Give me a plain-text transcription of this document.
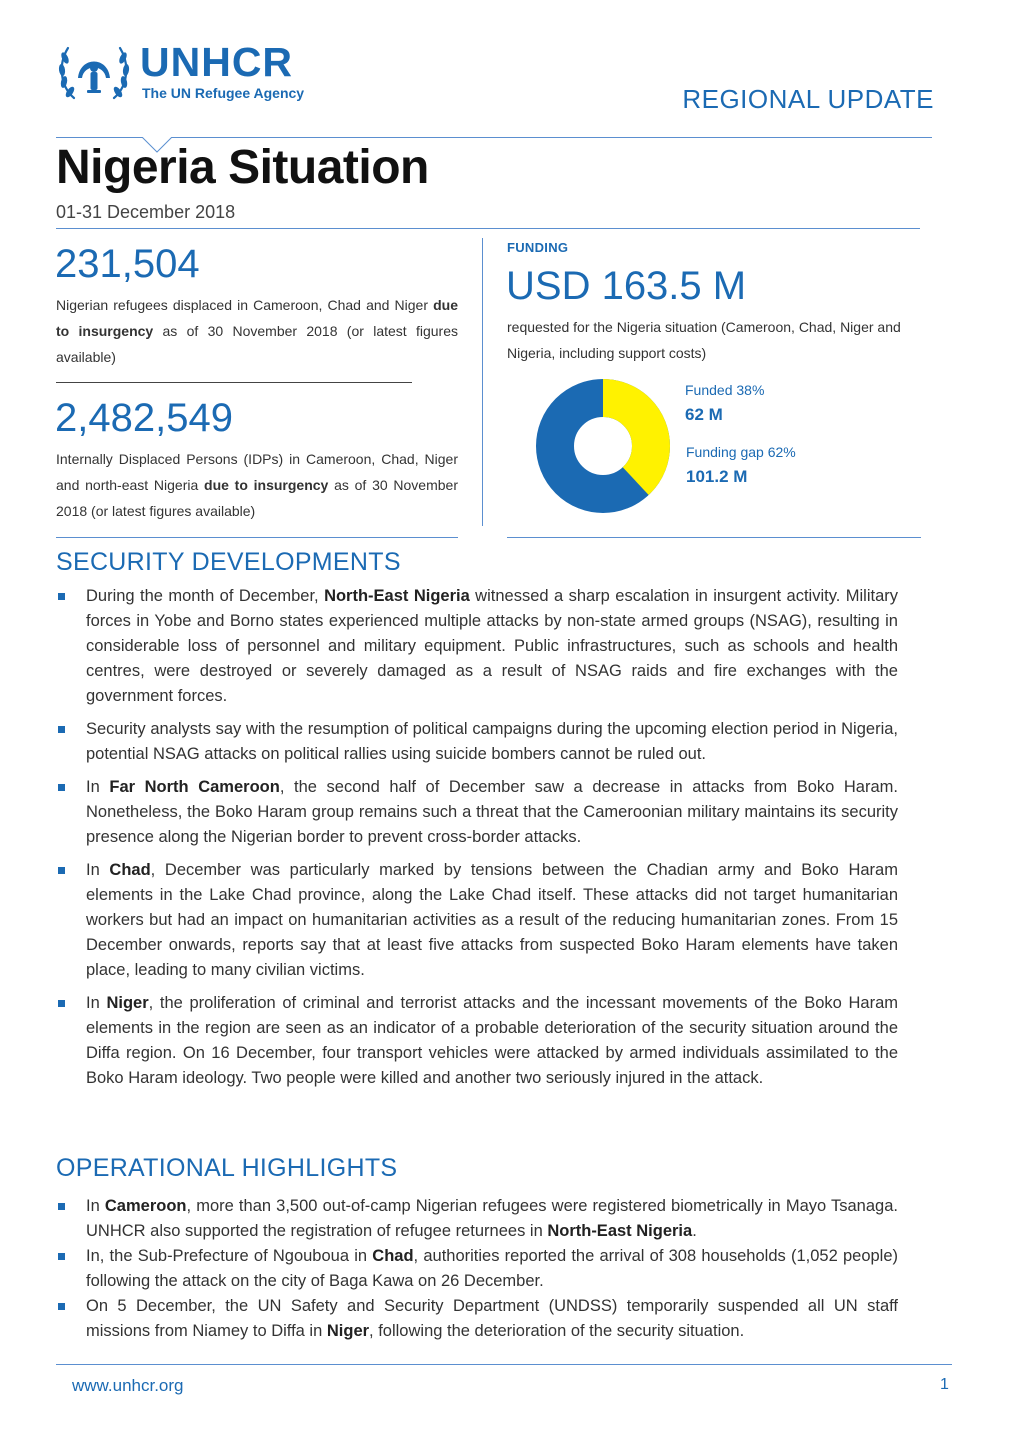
UNHCR
The UN Refugee Agency	REGIONAL UPDATE
Nigeria Situation
01-31 December 2018
231,504
Nigerian refugees displaced in Cameroon, Chad and Niger due to insurgency as of 30 November 2018 (or latest figures available)
2,482,549
Internally Displaced Persons (IDPs) in Cameroon, Chad, Niger and north-east Nigeria due to insurgency as of 30 November 2018 (or latest figures available)
FUNDING
USD 163.5 M
requested for the Nigeria situation (Cameroon, Chad, Niger and Nigeria, including support costs)
Funded 38%
62 M
Funding gap 62%
101.2 M
SECURITY DEVELOPMENTS
During the month of December, North-East Nigeria witnessed a sharp escalation in insurgent activity. Military forces in Yobe and Borno states experienced multiple attacks by non-state armed groups (NSAG), resulting in considerable loss of personnel and military equipment. Public infrastructures, such as schools and health centres, were destroyed or severely damaged as a result of NSAG raids and fire exchanges with the government forces.
Security analysts say with the resumption of political campaigns during the upcoming election period in Nigeria, potential NSAG attacks on political rallies using suicide bombers cannot be ruled out.
In Far North Cameroon, the second half of December saw a decrease in attacks from Boko Haram. Nonetheless, the Boko Haram group remains such a threat that the Cameroonian military maintains its security presence along the Nigerian border to prevent cross-border attacks.
In Chad, December was particularly marked by tensions between the Chadian army and Boko Haram elements in the Lake Chad province, along the Lake Chad itself. These attacks did not target humanitarian workers but had an impact on humanitarian activities as a result of the reducing humanitarian zones. From 15 December onwards, reports say that at least five attacks from suspected Boko Haram elements have taken place, leading to many civilian victims.
In Niger, the proliferation of criminal and terrorist attacks and the incessant movements of the Boko Haram elements in the region are seen as an indicator of a probable deterioration of the security situation around the Diffa region. On 16 December, four transport vehicles were attacked by armed individuals assimilated to the Boko Haram ideology. Two people were killed and another two seriously injured in the attack.
OPERATIONAL HIGHLIGHTS
In Cameroon, more than 3,500 out-of-camp Nigerian refugees were registered biometrically in Mayo Tsanaga. UNHCR also supported the registration of refugee returnees in North-East Nigeria.
In, the Sub-Prefecture of Ngouboua in Chad, authorities reported the arrival of 308 households (1,052 people) following the attack on the city of Baga Kawa on 26 December.
On 5 December, the UN Safety and Security Department (UNDSS) temporarily suspended all UN staff missions from Niamey to Diffa in Niger, following the deterioration of the security situation.
www.unhcr.org	1
